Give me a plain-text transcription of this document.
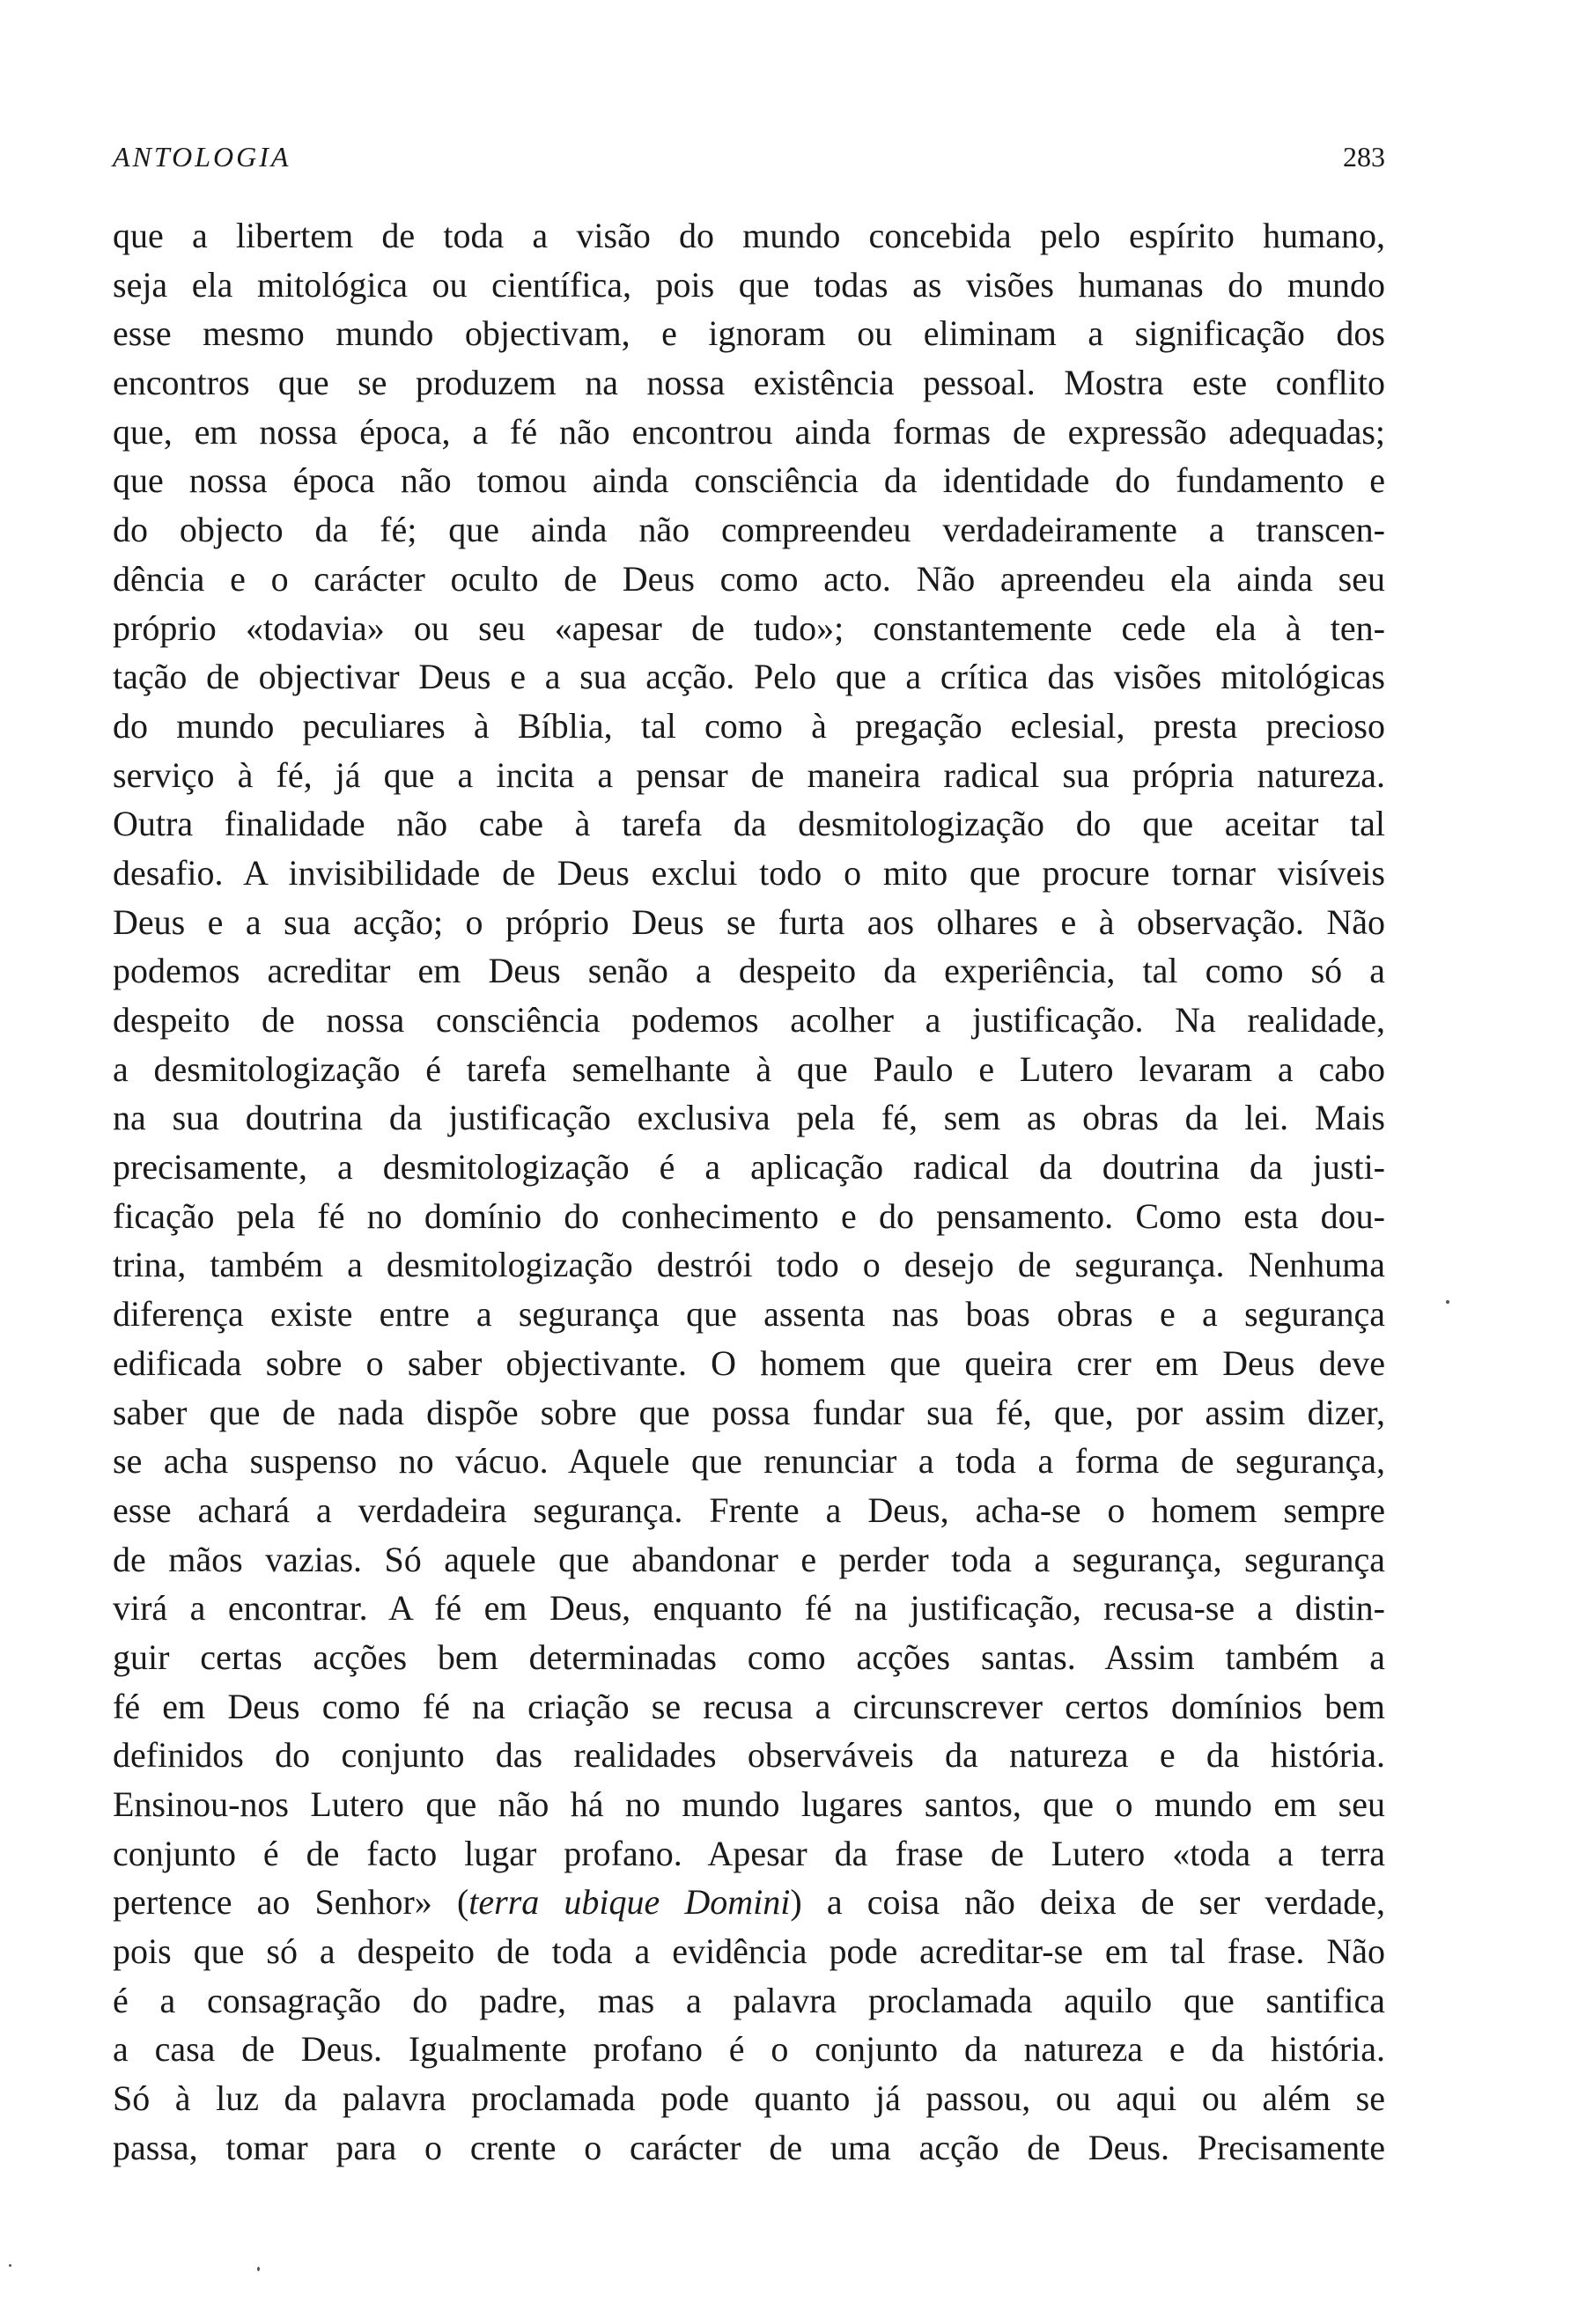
ANTOLOGIA	283
que a libertem de toda a visão do mundo concebida pelo espírito humano,
seja ela mitológica ou científica, pois que todas as visões humanas do mundo
esse mesmo mundo objectivam, e ignoram ou eliminam a significação dos
encontros que se produzem na nossa existência pessoal. Mostra este conflito
que, em nossa época, a fé não encontrou ainda formas de expressão adequadas;
que nossa época não tomou ainda consciência da identidade do fundamento e
do objecto da fé; que ainda não compreendeu verdadeiramente a transcen-
dência e o carácter oculto de Deus como acto. Não apreendeu ela ainda seu
próprio «todavia» ou seu «apesar de tudo»; constantemente cede ela à ten-
tação de objectivar Deus e a sua acção. Pelo que a crítica das visões mitológicas
do mundo peculiares à Bíblia, tal como à pregação eclesial, presta precioso
serviço à fé, já que a incita a pensar de maneira radical sua própria natureza.
Outra finalidade não cabe à tarefa da desmitologização do que aceitar tal
desafio. A invisibilidade de Deus exclui todo o mito que procure tornar visíveis
Deus e a sua acção; o próprio Deus se furta aos olhares e à observação. Não
podemos acreditar em Deus senão a despeito da experiência, tal como só a
despeito de nossa consciência podemos acolher a justificação. Na realidade,
a desmitologização é tarefa semelhante à que Paulo e Lutero levaram a cabo
na sua doutrina da justificação exclusiva pela fé, sem as obras da lei. Mais
precisamente, a desmitologização é a aplicação radical da doutrina da justi-
ficação pela fé no domínio do conhecimento e do pensamento. Como esta dou-
trina, também a desmitologização destrói todo o desejo de segurança. Nenhuma
diferença existe entre a segurança que assenta nas boas obras e a segurança
edificada sobre o saber objectivante. O homem que queira crer em Deus deve
saber que de nada dispõe sobre que possa fundar sua fé, que, por assim dizer,
se acha suspenso no vácuo. Aquele que renunciar a toda a forma de segurança,
esse achará a verdadeira segurança. Frente a Deus, acha-se o homem sempre
de mãos vazias. Só aquele que abandonar e perder toda a segurança, segurança
virá a encontrar. A fé em Deus, enquanto fé na justificação, recusa-se a distin-
guir certas acções bem determinadas como acções santas. Assim também a
fé em Deus como fé na criação se recusa a circunscrever certos domínios bem
definidos do conjunto das realidades observáveis da natureza e da história.
Ensinou-nos Lutero que não há no mundo lugares santos, que o mundo em seu
conjunto é de facto lugar profano. Apesar da frase de Lutero «toda a terra
pertence ao Senhor» (terra ubique Domini) a coisa não deixa de ser verdade,
pois que só a despeito de toda a evidência pode acreditar-se em tal frase. Não
é a consagração do padre, mas a palavra proclamada aquilo que santifica
a casa de Deus. Igualmente profano é o conjunto da natureza e da história.
Só à luz da palavra proclamada pode quanto já passou, ou aqui ou além se
passa, tomar para o crente o carácter de uma acção de Deus. Precisamente
